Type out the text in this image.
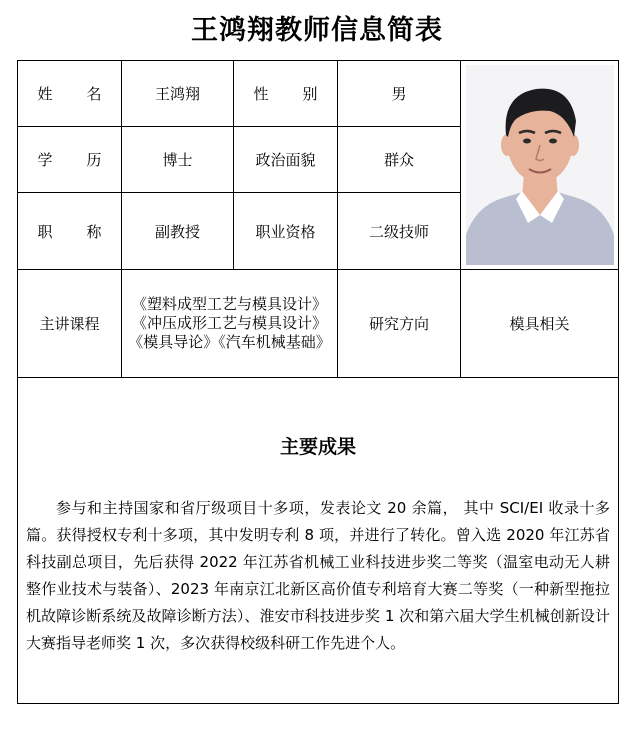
王鸿翔教师信息简表
姓 名	王鸿翔	性 别	男	

学 历	博士	政治面貌	群众	
职 称	副教授	职业资格	二级技师	
主讲课程	《塑料成型工艺与模具设计》《冲压成形工艺与模具设计》《模具导论》《汽车机械基础》		研究方向	模具相关

主要成果
参与和主持国家和省厅级项目十多项，发表论文 20 余篇， 其中 SCI/EI 收录十多篇。获得授权专利十多项，其中发明专利 8 项，并进行了转化。曾入选 2020 年江苏省科技副总项目，先后获得 2022 年江苏省机械工业科技进步奖二等奖（温室电动无人耕整作业技术与装备）、2023 年南京江北新区高价值专利培育大赛二等奖（一种新型拖拉机故障诊断系统及故障诊断方法）、淮安市科技进步奖 1 次和第六届大学生机械创新设计大赛指导老师奖 1 次，多次获得校级科研工作先进个人。				
